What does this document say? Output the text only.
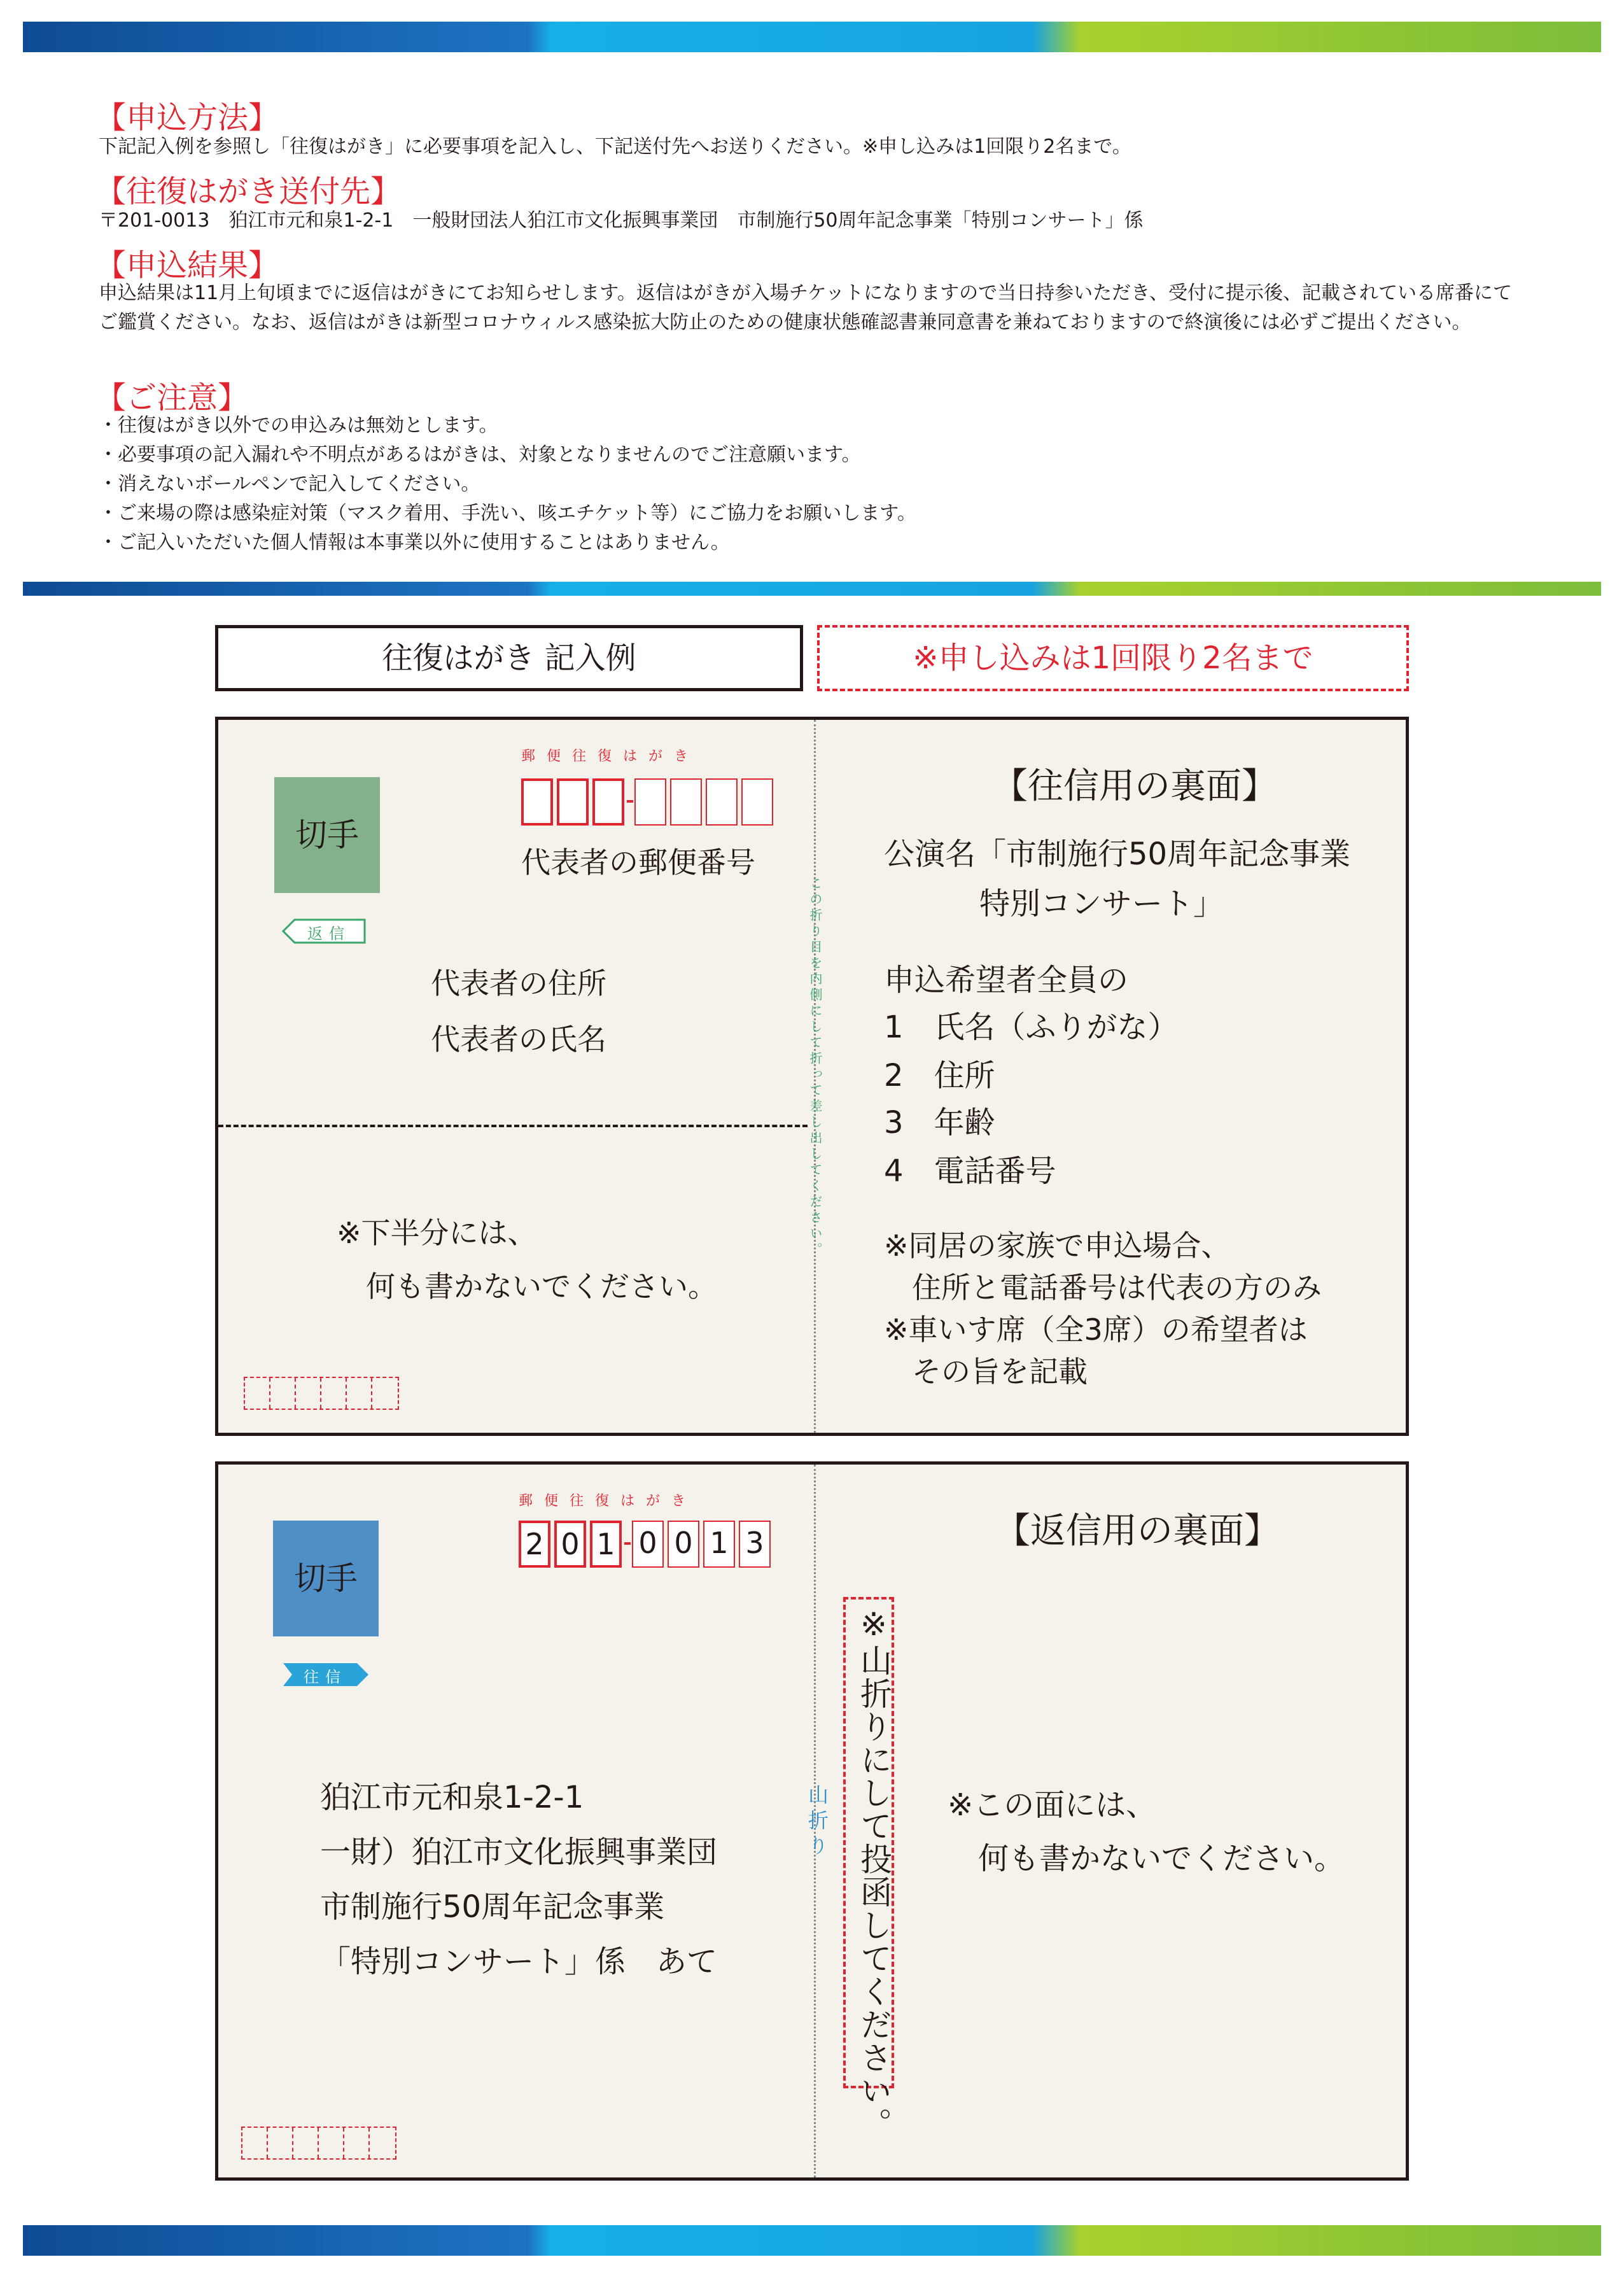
【申込方法】
下記記入例を参照し「往復はがき」に必要事項を記入し、下記送付先へお送りください。※申し込みは1回限り2名まで。
【往復はがき送付先】
〒201-0013　狛江市元和泉1-2-1　一般財団法人狛江市文化振興事業団　市制施行50周年記念事業「特別コンサート」係
【申込結果】
申込結果は11月上旬頃までに返信はがきにてお知らせします。返信はがきが入場チケットになりますので当日持参いただき、受付に提示後、記載されている席番にてご鑑賞ください。なお、返信はがきは新型コロナウィルス感染拡大防止のための健康状態確認書兼同意書を兼ねておりますので終演後には必ずご提出ください。
【ご注意】
・往復はがき以外での申込みは無効とします。
・必要事項の記入漏れや不明点があるはがきは、対象となりませんのでご注意願います。
・消えないボールペンで記入してください。
・ご来場の際は感染症対策（マスク着用、手洗い、咳エチケット等）にご協力をお願いします。
・ご記入いただいた個人情報は本事業以外に使用することはありません。
往復はがき 記入例	※申し込みは1回限り2名まで
郵便往復はがき
切手
返信
代表者の郵便番号
代表者の住所
代表者の氏名
※下半分には、
何も書かないでください。
この折り目を内側にして折って差し出してください。
【往信用の裏面】
公演名「市制施行50周年記念事業
特別コンサート」
申込希望者全員の
1　氏名（ふりがな）
2　住所
3　年齢
4　電話番号
※同居の家族で申込場合、
住所と電話番号は代表の方のみ
※車いす席（全3席）の希望者は
その旨を記載
郵便往復はがき
切手
往信
2 0 1 0 0 1 3
狛江市元和泉1-2-1
一財）狛江市文化振興事業団
市制施行50周年記念事業
「特別コンサート」係　あて
山折り ※山折りにして投函してください。
【返信用の裏面】
※この面には、
何も書かないでください。
